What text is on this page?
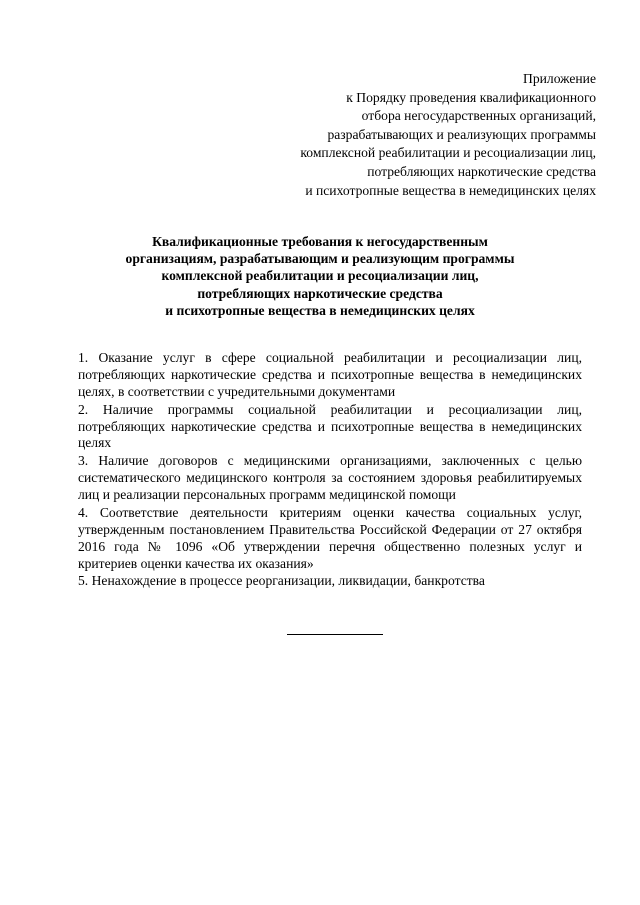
Приложение
к Порядку проведения квалификационного
отбора негосударственных организаций,
разрабатывающих и реализующих программы
комплексной реабилитации и ресоциализации лиц,
потребляющих наркотические средства
и психотропные вещества в немедицинских целях
Квалификационные требования к негосударственным
организациям, разрабатывающим и реализующим программы
комплексной реабилитации и ресоциализации лиц,
потребляющих наркотические средства
и психотропные вещества в немедицинских целях

1. Оказание услуг в сфере социальной реабилитации и ресоциализации лиц, потребляющих наркотические средства и психотропные вещества в немедицинских целях, в соответствии с учредительными документами

2. Наличие программы социальной реабилитации и ресоциализации лиц, потребляющих наркотические средства и психотропные вещества в немедицинских целях

3. Наличие договоров с медицинскими организациями, заключенных с целью систематического медицинского контроля за состоянием здоровья реабилитируемых лиц и реализации персональных программ медицинской помощи

4. Соответствие деятельности критериям оценки качества социальных услуг, утвержденным постановлением Правительства Российской Федерации от 27 октября 2016 года № 1096 «Об утверждении перечня общественно полезных услуг и критериев оценки качества их оказания»

5. Ненахождение в процессе реорганизации, ликвидации, банкротства
